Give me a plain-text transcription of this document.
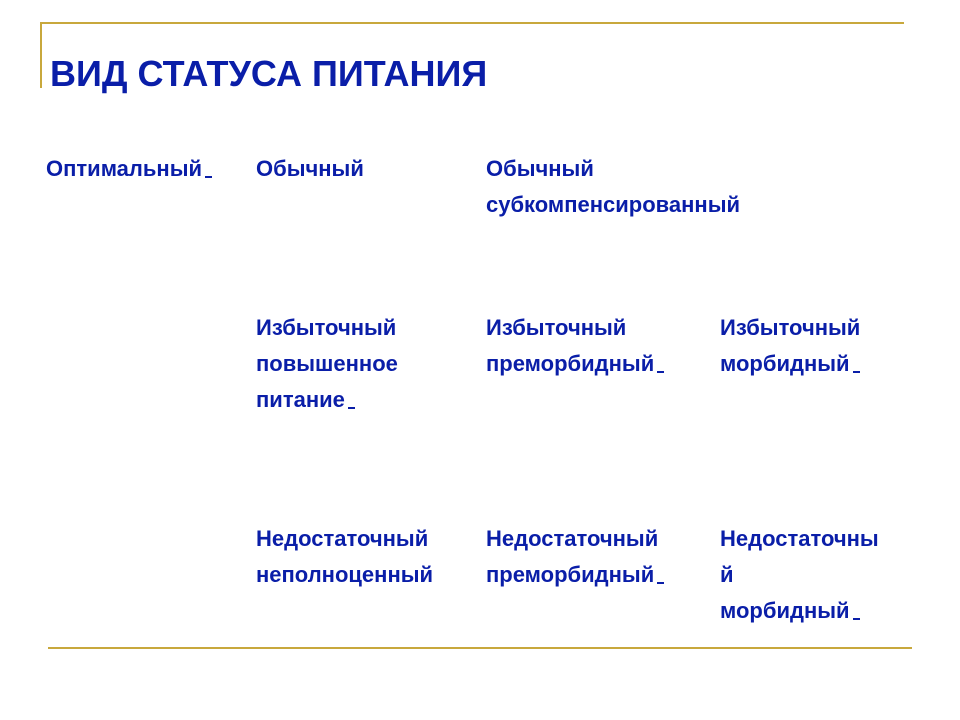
ВИД СТАТУСА ПИТАНИЯ
Оптимальный	Обычный	Обычный
субкомпенсированный
Избыточный
повышенное
питание
Избыточный
преморбидный
Избыточный
морбидный
Недостаточный
неполноценный
Недостаточный
преморбидный
Недостаточны
й
морбидный
